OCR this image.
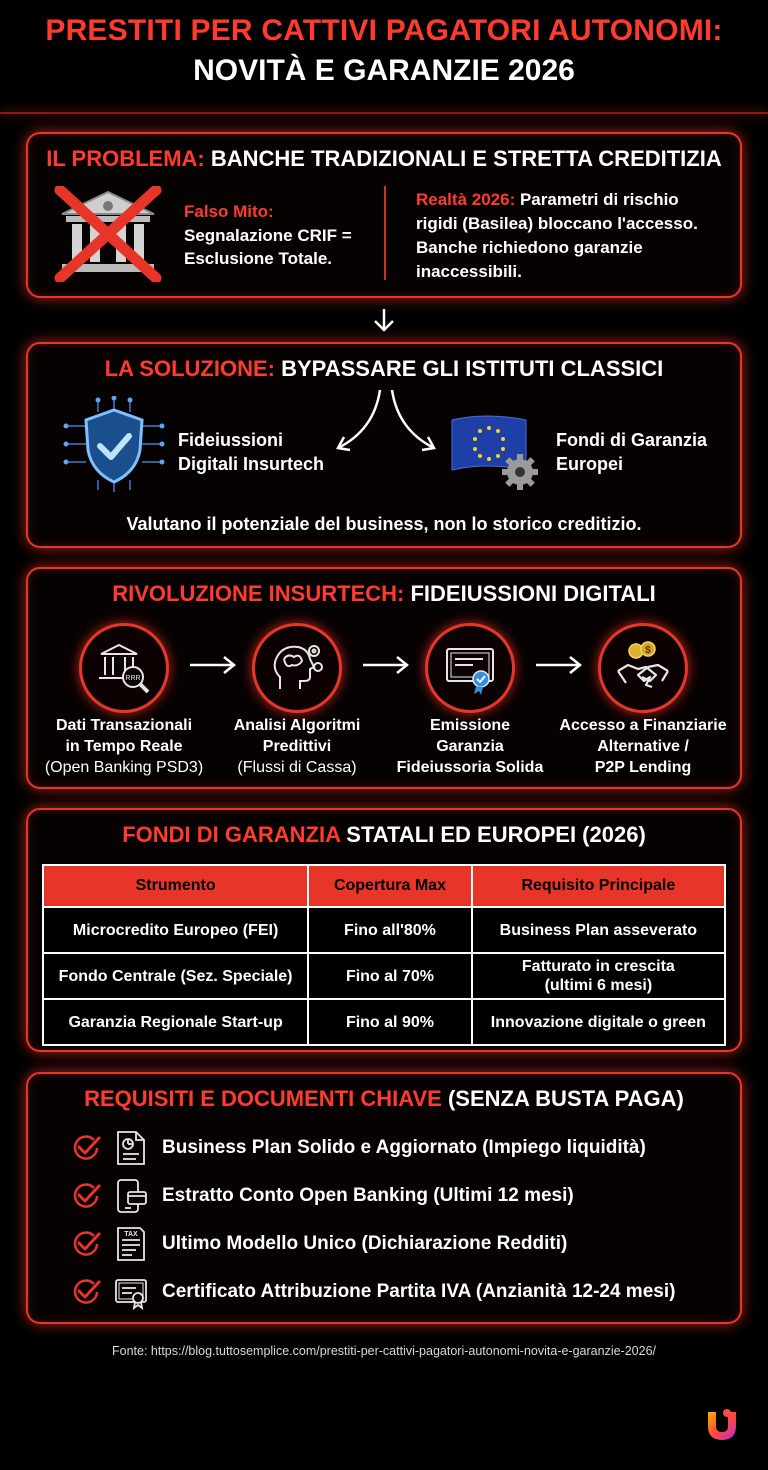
PRESTITI PER CATTIVI PAGATORI AUTONOMI:
NOVITÀ E GARANZIE 2026
IL PROBLEMA: BANCHE TRADIZIONALI E STRETTA CREDITIZIA
Falso Mito:
Segnalazione CRIF =
Esclusione Totale.
Realtà 2026: Parametri di rischio
rigidi (Basilea) bloccano l'accesso.
Banche richiedono garanzie
inaccessibili.
LA SOLUZIONE: BYPASSARE GLI ISTITUTI CLASSICI
Fideiussioni
Digitali Insurtech
Fondi di Garanzia
Europei
Valutano il potenziale del business, non lo storico creditizio.
RIVOLUZIONE INSURTECH: FIDEIUSSIONI DIGITALI
RRR
$
Dati Transazionali
in Tempo Reale
(Open Banking PSD3)
Analisi Algoritmi
Predittivi
(Flussi di Cassa)
Emissione
Garanzia
Fideiussoria Solida
Accesso a Finanziarie
Alternative /
P2P Lending
FONDI DI GARANZIA STATALI ED EUROPEI (2026)
Strumento	Copertura Max	Requisito Principale
Microcredito Europeo (FEI)	Fino all'80%	Business Plan asseverato
Fondo Centrale (Sez. Speciale)	Fino al 70%	Fatturato in crescita
(ultimi 6 mesi)

Garanzia Regionale Start-up	Fino al 90%	Innovazione digitale o green
REQUISITI E DOCUMENTI CHIAVE (SENZA BUSTA PAGA)
Business Plan Solido e Aggiornato (Impiego liquidità)
Estratto Conto Open Banking (Ultimi 12 mesi)
TAX Ultimo Modello Unico (Dichiarazione Redditi)
Certificato Attribuzione Partita IVA (Anzianità 12-24 mesi)
Fonte: https://blog.tuttosemplice.com/prestiti-per-cattivi-pagatori-autonomi-novita-e-garanzie-2026/
